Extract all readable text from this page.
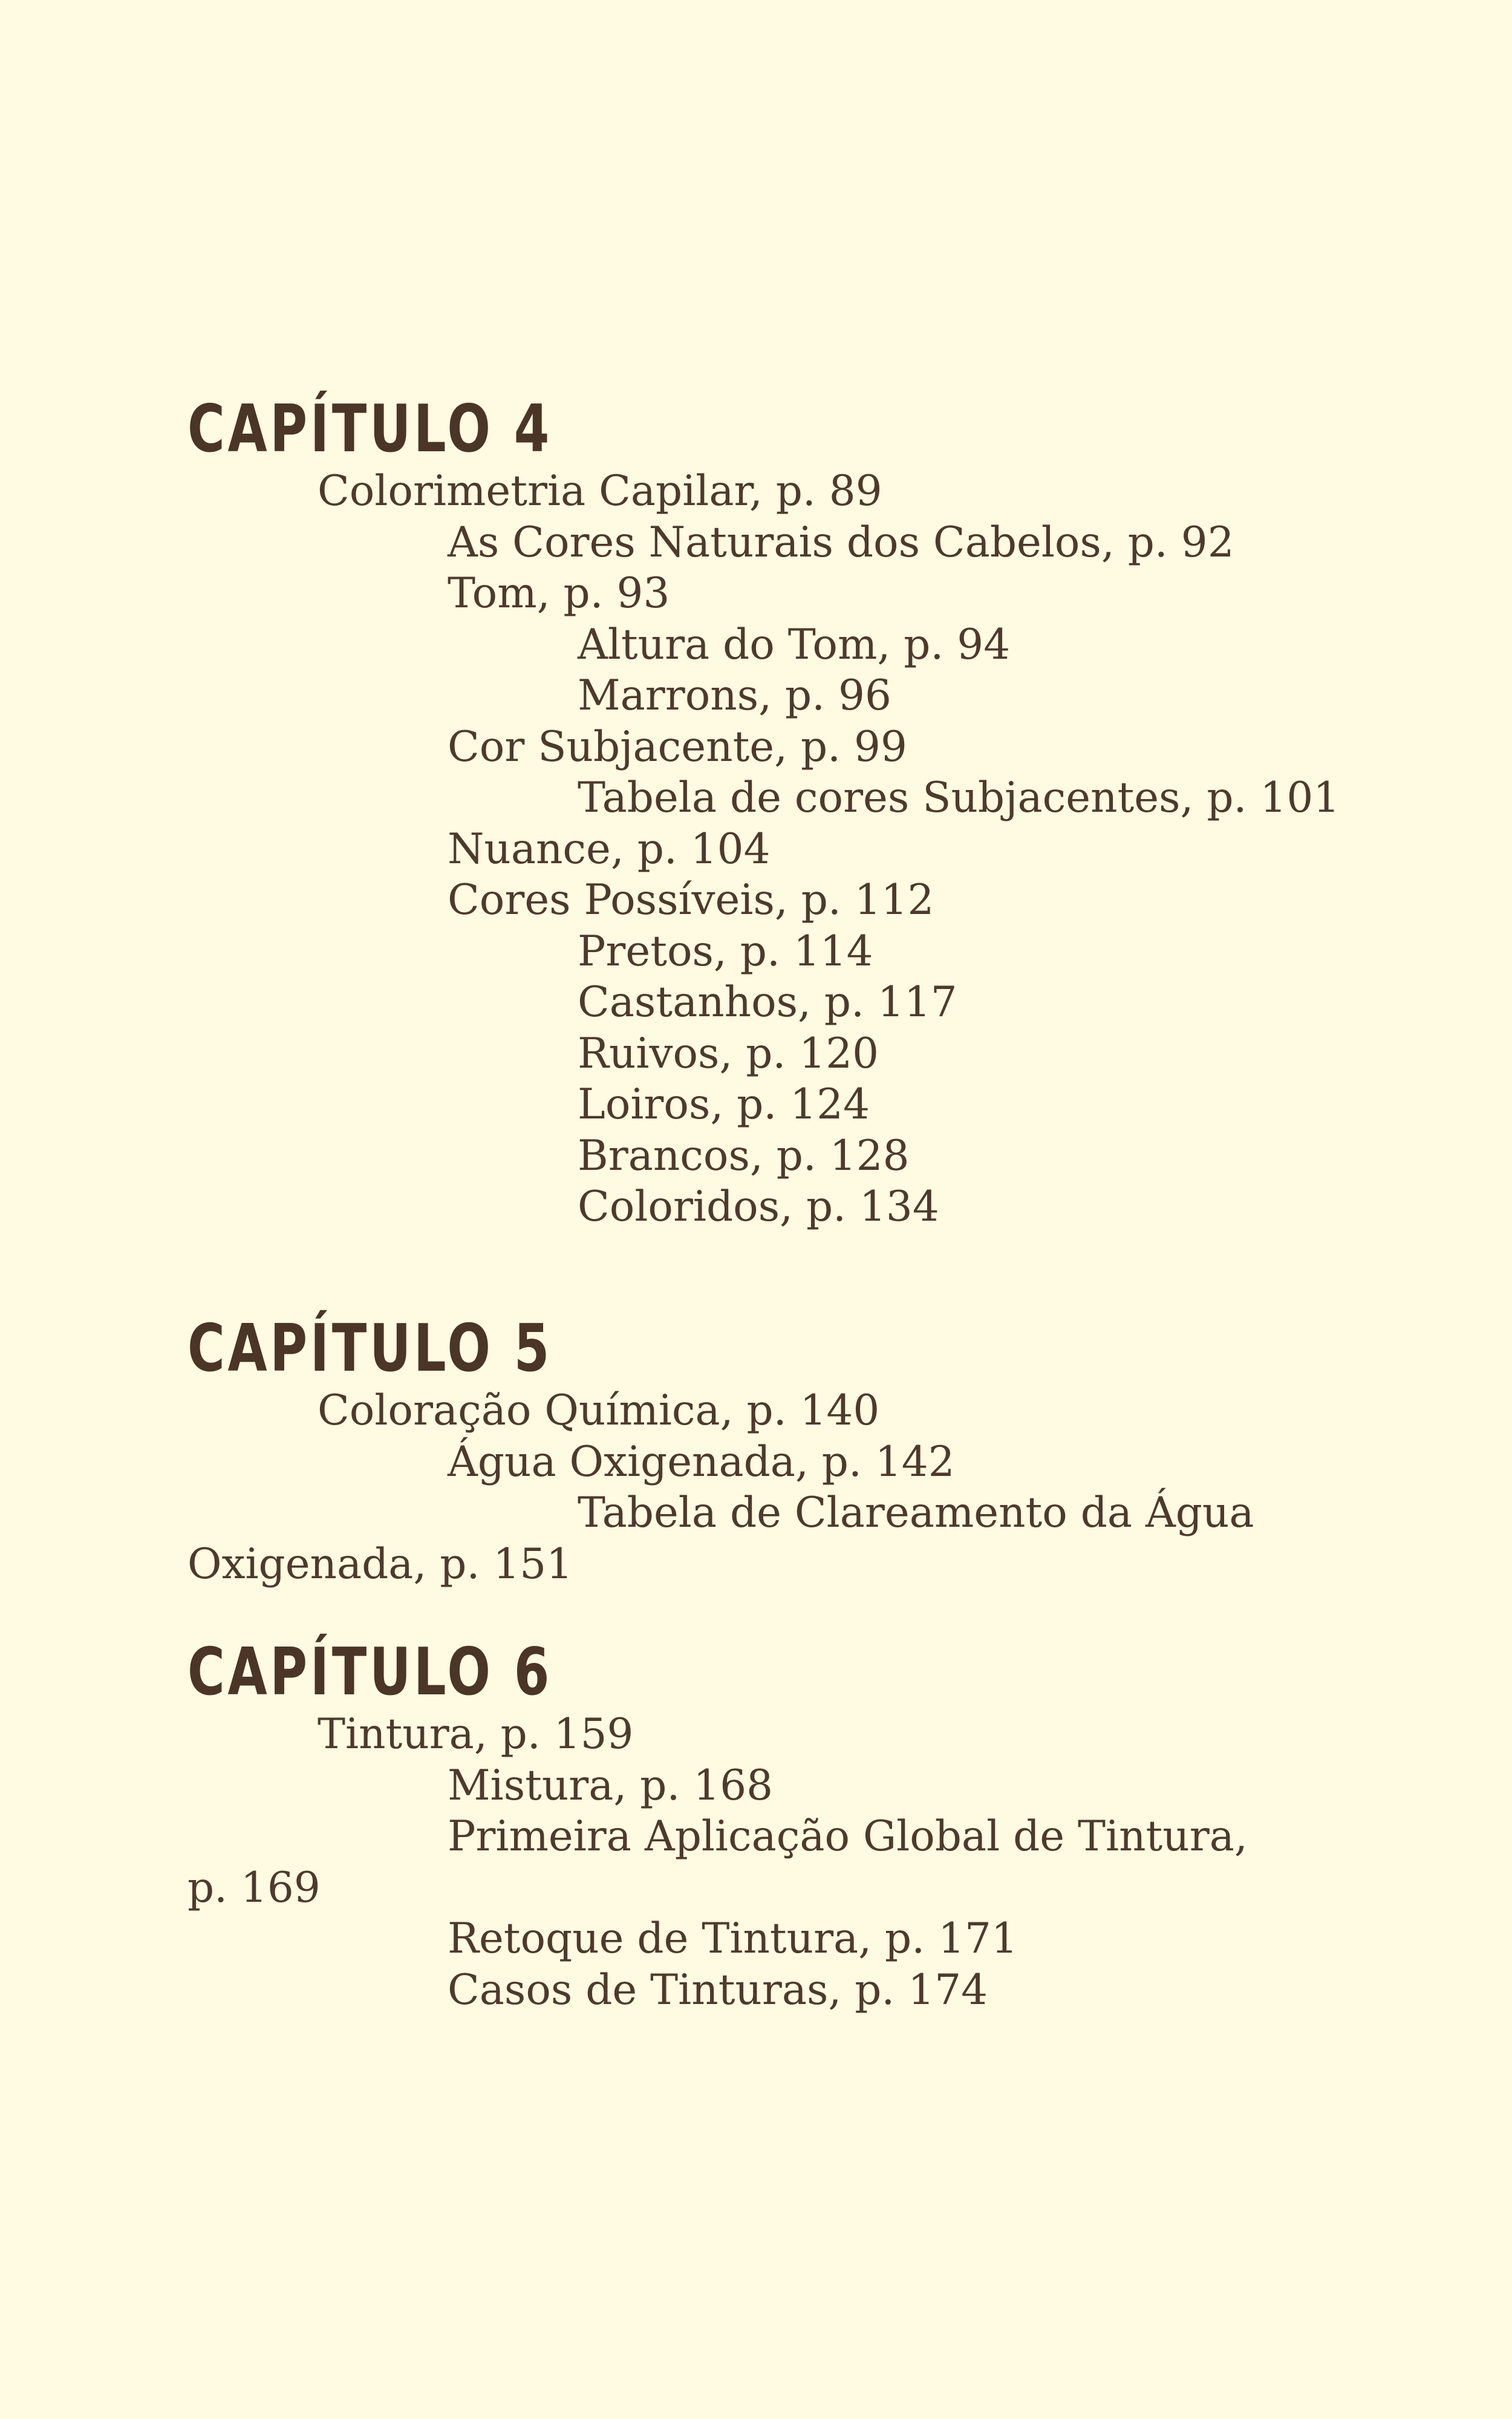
CAPÍTULO 4
Colorimetria Capilar, p. 89
As Cores Naturais dos Cabelos, p. 92
Tom, p. 93
Altura do Tom, p. 94
Marrons, p. 96
Cor Subjacente, p. 99
Tabela de cores Subjacentes, p. 101
Nuance, p. 104
Cores Possíveis, p. 112
Pretos, p. 114
Castanhos, p. 117
Ruivos, p. 120
Loiros, p. 124
Brancos, p. 128
Coloridos, p. 134
CAPÍTULO 5
Coloração Química, p. 140
Água Oxigenada, p. 142
Tabela de Clareamento da Água
Oxigenada, p. 151
CAPÍTULO 6
Tintura, p. 159
Mistura, p. 168
Primeira Aplicação Global de Tintura,
p. 169
Retoque de Tintura, p. 171
Casos de Tinturas, p. 174
